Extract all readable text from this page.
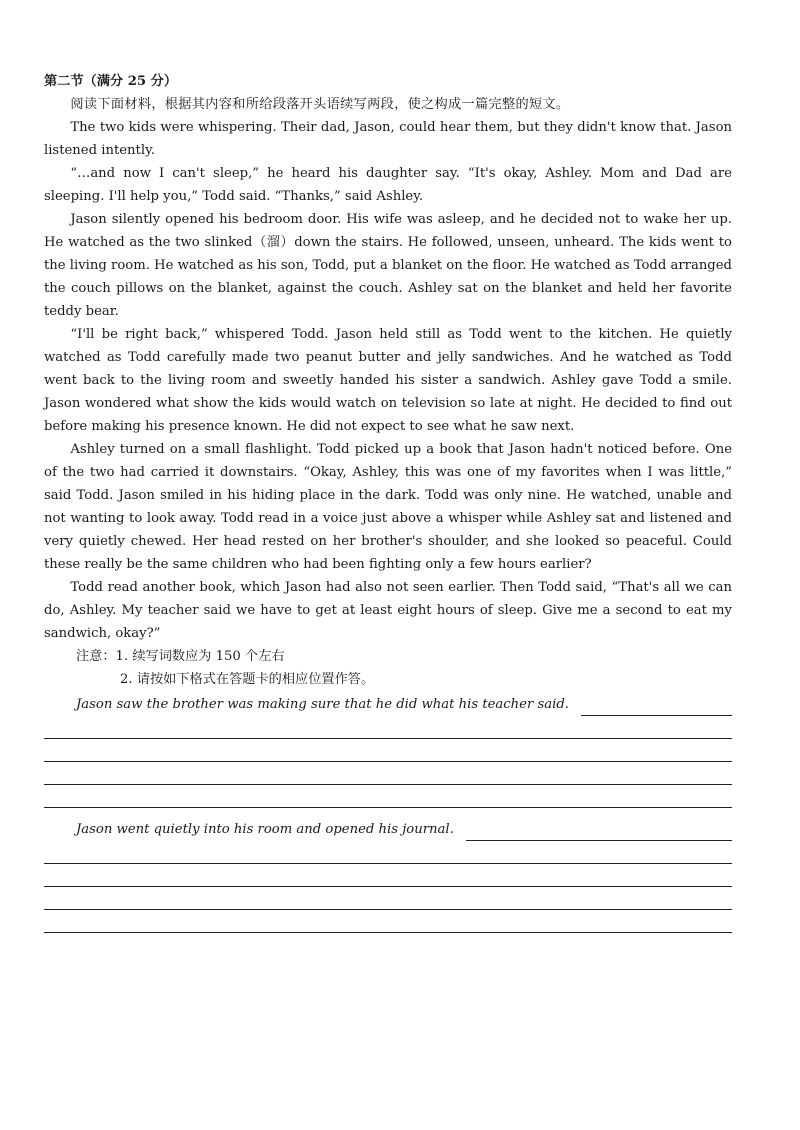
第二节（满分 25 分）

阅读下面材料，根据其内容和所给段落开头语续写两段，使之构成一篇完整的短文。

The two kids were whispering. Their dad, Jason, could hear them, but they didn't know that. Jason listened intently.

“…and now I can't sleep,” he heard his daughter say. “It's okay, Ashley. Mom and Dad are sleeping. I'll help you,” Todd said. “Thanks,” said Ashley.

Jason silently opened his bedroom door. His wife was asleep, and he decided not to wake her up. He watched as the two slinked（溜）down the stairs. He followed, unseen, unheard. The kids went to the living room. He watched as his son, Todd, put a blanket on the floor. He watched as Todd arranged the couch pillows on the blanket, against the couch. Ashley sat on the blanket and held her favorite teddy bear.

“I'll be right back,” whispered Todd. Jason held still as Todd went to the kitchen. He quietly watched as Todd carefully made two peanut butter and jelly sandwiches. And he watched as Todd went back to the living room and sweetly handed his sister a sandwich. Ashley gave Todd a smile. Jason wondered what show the kids would watch on television so late at night. He decided to find out before making his presence known. He did not expect to see what he saw next.

Ashley turned on a small flashlight. Todd picked up a book that Jason hadn't noticed before. One of the two had carried it downstairs. “Okay, Ashley, this was one of my favorites when I was little,” said Todd. Jason smiled in his hiding place in the dark. Todd was only nine. He watched, unable and not wanting to look away. Todd read in a voice just above a whisper while Ashley sat and listened and very quietly chewed. Her head rested on her brother's shoulder, and she looked so peaceful. Could these really be the same children who had been fighting only a few hours earlier?

Todd read another book, which Jason had also not seen earlier. Then Todd said, “That's all we can do, Ashley. My teacher said we have to get at least eight hours of sleep. Give me a second to eat my sandwich, okay?”

注意：1. 续写词数应为 150 个左右

2. 请按如下格式在答题卡的相应位置作答。

Jason saw the brother was making sure that he did what his teacher said.
Jason went quietly into his room and opened his journal.
